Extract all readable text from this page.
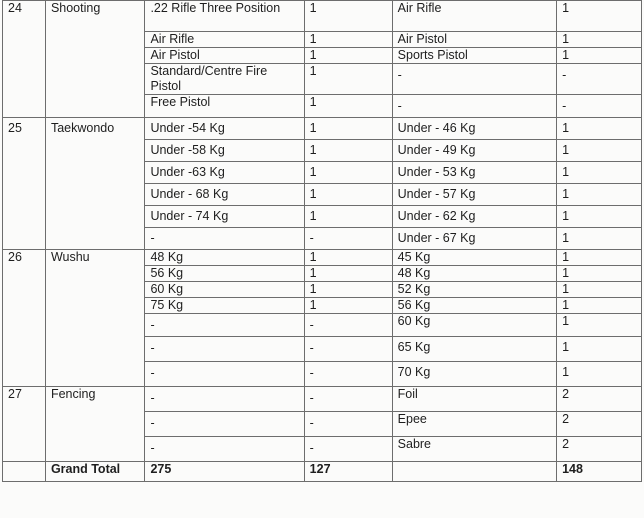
24	Shooting	.22 Rifle Three Position	1	Air Rifle	1
		Air Rifle	1	Air Pistol	1
		Air Pistol	1	Sports Pistol	1
		Standard/Centre Fire Pistol	1	-	-

		Free Pistol	1	-	-

25	Taekwondo	Under -54 Kg	1	Under - 46 Kg	1

		Under -58 Kg	1	Under - 49 Kg	1

		Under -63 Kg	1	Under - 53 Kg	1

		Under - 68 Kg	1	Under - 57 Kg	1

		Under - 74 Kg	1	Under - 62 Kg	1

		-	-	Under - 67 Kg	1

26	Wushu	48 Kg	1	45 Kg	1
		56 Kg	1	48 Kg	1
		60 Kg	1	52 Kg	1
		75 Kg	1	56 Kg	1

		-	-	60 Kg	1

		-	-	65 Kg	1

		-	-	70 Kg	1

27	Fencing	-	-	Foil	2

		-	-	Epee	2

		-	-	Sabre	2
	Grand Total	275	127		148
